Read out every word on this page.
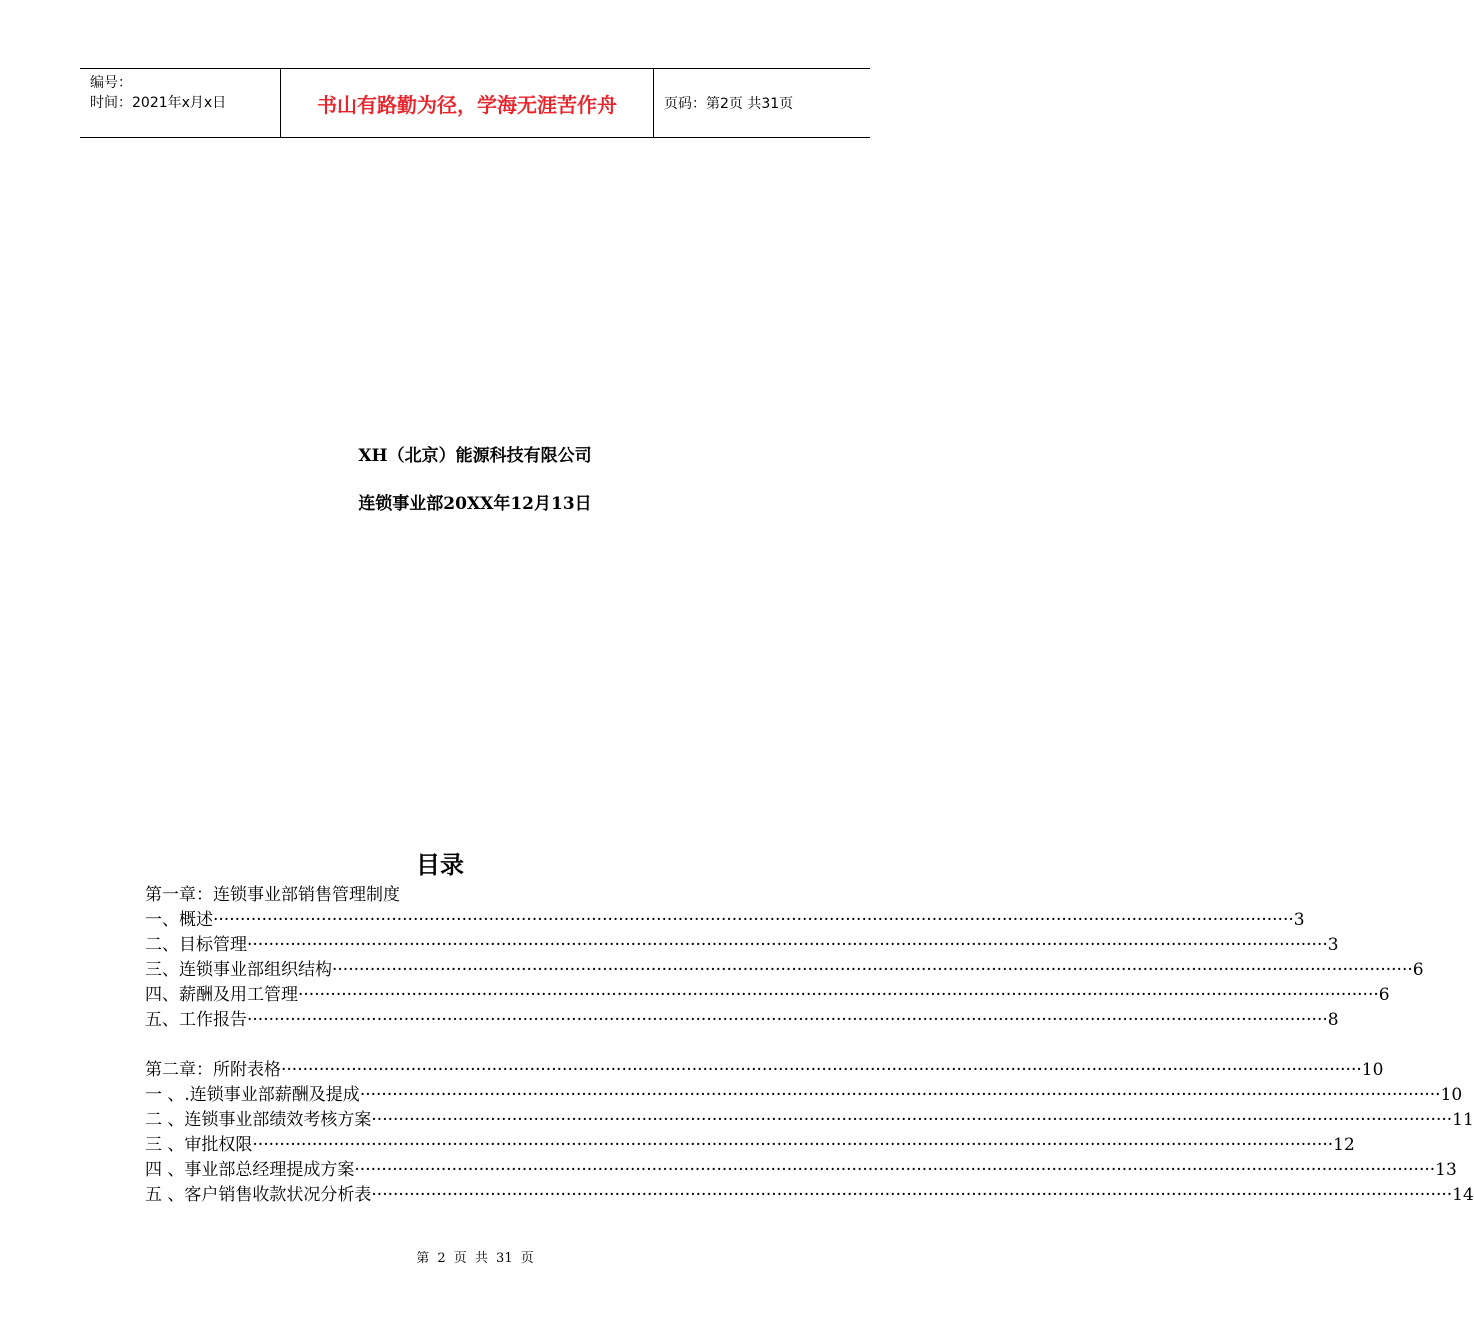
编号：
时间：2021年x月x日	书山有路勤为径，学海无涯苦作舟	页码：第2页 共31页
XH（北京）能源科技有限公司
连锁事业部20XX年12月13日
目录
第一章：连锁事业部销售管理制度
一、概述 ········································································································································································································ 3
二、目标管理 ········································································································································································································ 3
三、连锁事业部组织结构 ········································································································································································································ 6
四、薪酬及用工管理 ········································································································································································································ 6
五、工作报告 ········································································································································································································ 8
第二章：所附表格 ········································································································································································································ 10
一 、.连锁事业部薪酬及提成 ········································································································································································································ 10
二 、连锁事业部绩效考核方案 ········································································································································································································ 11
三 、审批权限 ········································································································································································································ 12
四 、事业部总经理提成方案 ········································································································································································································ 13
五 、客户销售收款状况分析表 ········································································································································································································ 14
第 2 页 共 31 页
